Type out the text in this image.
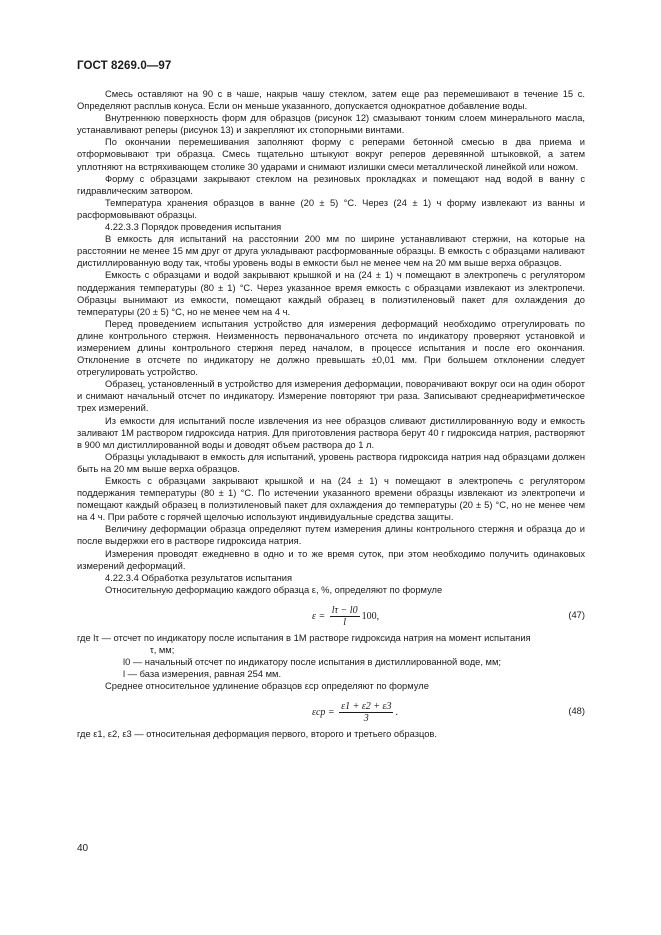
ГОСТ 8269.0—97

Смесь оставляют на 90 с в чаше, накрыв чашу стеклом, затем еще раз перемешивают в течение 15 с. Определяют расплыв конуса. Если он меньше указанного, допускается однократное добавление воды.

Внутреннюю поверхность форм для образцов (рисунок 12) смазывают тонким слоем минерального масла, устанавливают реперы (рисунок 13) и закрепляют их стопорными винтами.

По окончании перемешивания заполняют форму с реперами бетонной смесью в два приема и отформовывают три образца. Смесь тщательно штыкуют вокруг реперов деревянной штыковкой, а затем уплотняют на встряхивающем столике 30 ударами и снимают излишки смеси металлической линейкой или ножом.

Форму с образцами закрывают стеклом на резиновых прокладках и помещают над водой в ванну с гидравлическим затвором.

Температура хранения образцов в ванне (20 ± 5) °С. Через (24 ± 1) ч форму извлекают из ванны и расформовывают образцы.

4.22.3.3 Порядок проведения испытания

В емкость для испытаний на расстоянии 200 мм по ширине устанавливают стержни, на которые на расстоянии не менее 15 мм друг от друга укладывают расформованные образцы. В емкость с образцами наливают дистиллированную воду так, чтобы уровень воды в емкости был не менее чем на 20 мм выше верха образцов.

Емкость с образцами и водой закрывают крышкой и на (24 ± 1) ч помещают в электропечь с регулятором поддержания температуры (80 ± 1) °С. Через указанное время емкость с образцами извлекают из электропечи. Образцы вынимают из емкости, помещают каждый образец в полиэтиленовый пакет для охлаждения до температуры (20 ± 5) °С, но не менее чем на 4 ч.

Перед проведением испытания устройство для измерения деформаций необходимо отрегулировать по длине контрольного стержня. Неизменность первоначального отсчета по индикатору проверяют установкой и измерением длины контрольного стержня перед началом, в процессе испытания и после его окончания. Отклонение в отсчете по индикатору не должно превышать ±0,01 мм. При большем отклонении следует отрегулировать устройство.

Образец, установленный в устройство для измерения деформации, поворачивают вокруг оси на один оборот и снимают начальный отсчет по индикатору. Измерение повторяют три раза. Записывают среднеарифметическое трех измерений.

Из емкости для испытаний после извлечения из нее образцов сливают дистиллированную воду и емкость заливают 1М раствором гидроксида натрия. Для приготовления раствора берут 40 г гидроксида натрия, растворяют в 900 мл дистиллированной воды и доводят объем раствора до 1 л.

Образцы укладывают в емкость для испытаний, уровень раствора гидроксида натрия над образцами должен быть на 20 мм выше верха образцов.

Емкость с образцами закрывают крышкой и на (24 ± 1) ч помещают в электропечь с регулятором поддержания температуры (80 ± 1) °С. По истечении указанного времени образцы извлекают из электропечи и помещают каждый образец в полиэтиленовый пакет для охлаждения до температуры (20 ± 5) °С, но не менее чем на 4 ч. При работе с горячей щелочью используют индивидуальные средства защиты.

Величину деформации образца определяют путем измерения длины контрольного стержня и образца до и после выдержки его в растворе гидроксида натрия.

Измерения проводят ежедневно в одно и то же время суток, при этом необходимо получить одинаковых измерений деформаций.

4.22.3.4 Обработка результатов испытания

Относительную деформацию каждого образца ε, %, определяют по формуле

$\varepsilon = \frac{l\tau - l0}{l} 100$,	(47)

где lτ — отсчет по индикатору после испытания в 1М растворе гидроксида натрия на момент испытания

τ, мм;

l0 — начальный отсчет по индикатору после испытания в дистиллированной воде, мм;

l — база измерения, равная 254 мм.

Среднее относительное удлинение образцов εср определяют по формуле

$\varepsilon ср = \frac{\varepsilon 1 + \varepsilon 2 + \varepsilon 3}{3}$ .	(48)

где ε1, ε2, ε3 — относительная деформация первого, второго и третьего образцов.

40
